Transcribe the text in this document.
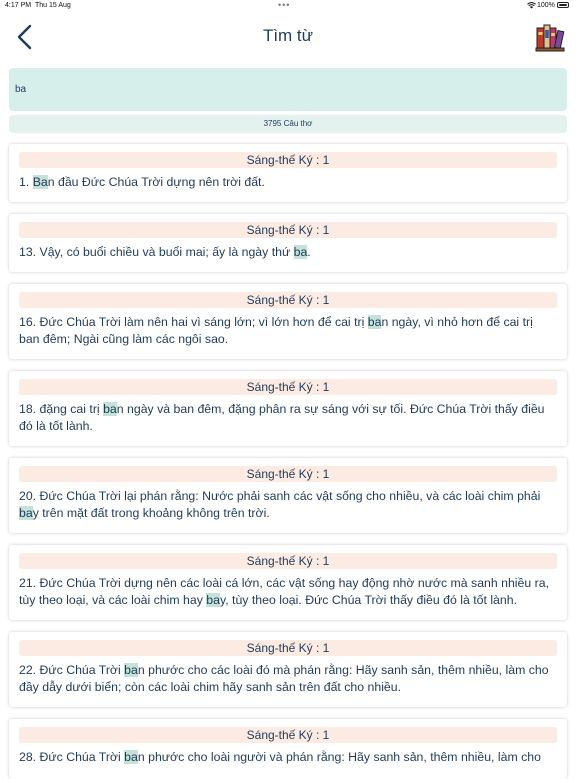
4:17 PM Thu 15 Aug	•••	100%
Tìm từ
ba
3795 Câu thơ
Sáng-thế Ký : 1
1. Ban đầu Đức Chúa Trời dựng nên trời đất.
Sáng-thế Ký : 1
13. Vậy, có buổi chiều và buổi mai; ấy là ngày thứ ba.
Sáng-thế Ký : 1
16. Đức Chúa Trời làm nên hai vì sáng lớn; vì lớn hơn để cai trị ban ngày, vì nhỏ hơn để cai trị ban đêm; Ngài cũng làm các ngôi sao.
Sáng-thế Ký : 1
18. đặng cai trị ban ngày và ban đêm, đặng phân ra sự sáng với sự tối. Đức Chúa Trời thấy điều đó là tốt lành.
Sáng-thế Ký : 1
20. Đức Chúa Trời lại phán rằng: Nước phải sanh các vật sống cho nhiều, và các loài chim phải bay trên mặt đất trong khoảng không trên trời.
Sáng-thế Ký : 1
21. Đức Chúa Trời dựng nên các loài cá lớn, các vật sống hay động nhờ nước mà sanh nhiều ra, tùy theo loại, và các loài chim hay bay, tùy theo loại. Đức Chúa Trời thấy điều đó là tốt lành.
Sáng-thế Ký : 1
22. Đức Chúa Trời ban phước cho các loài đó mà phán rằng: Hãy sanh sản, thêm nhiều, làm cho đầy dẫy dưới biển; còn các loài chim hãy sanh sản trên đất cho nhiều.
Sáng-thế Ký : 1
28. Đức Chúa Trời ban phước cho loài người và phán rằng: Hãy sanh sản, thêm nhiều, làm cho
